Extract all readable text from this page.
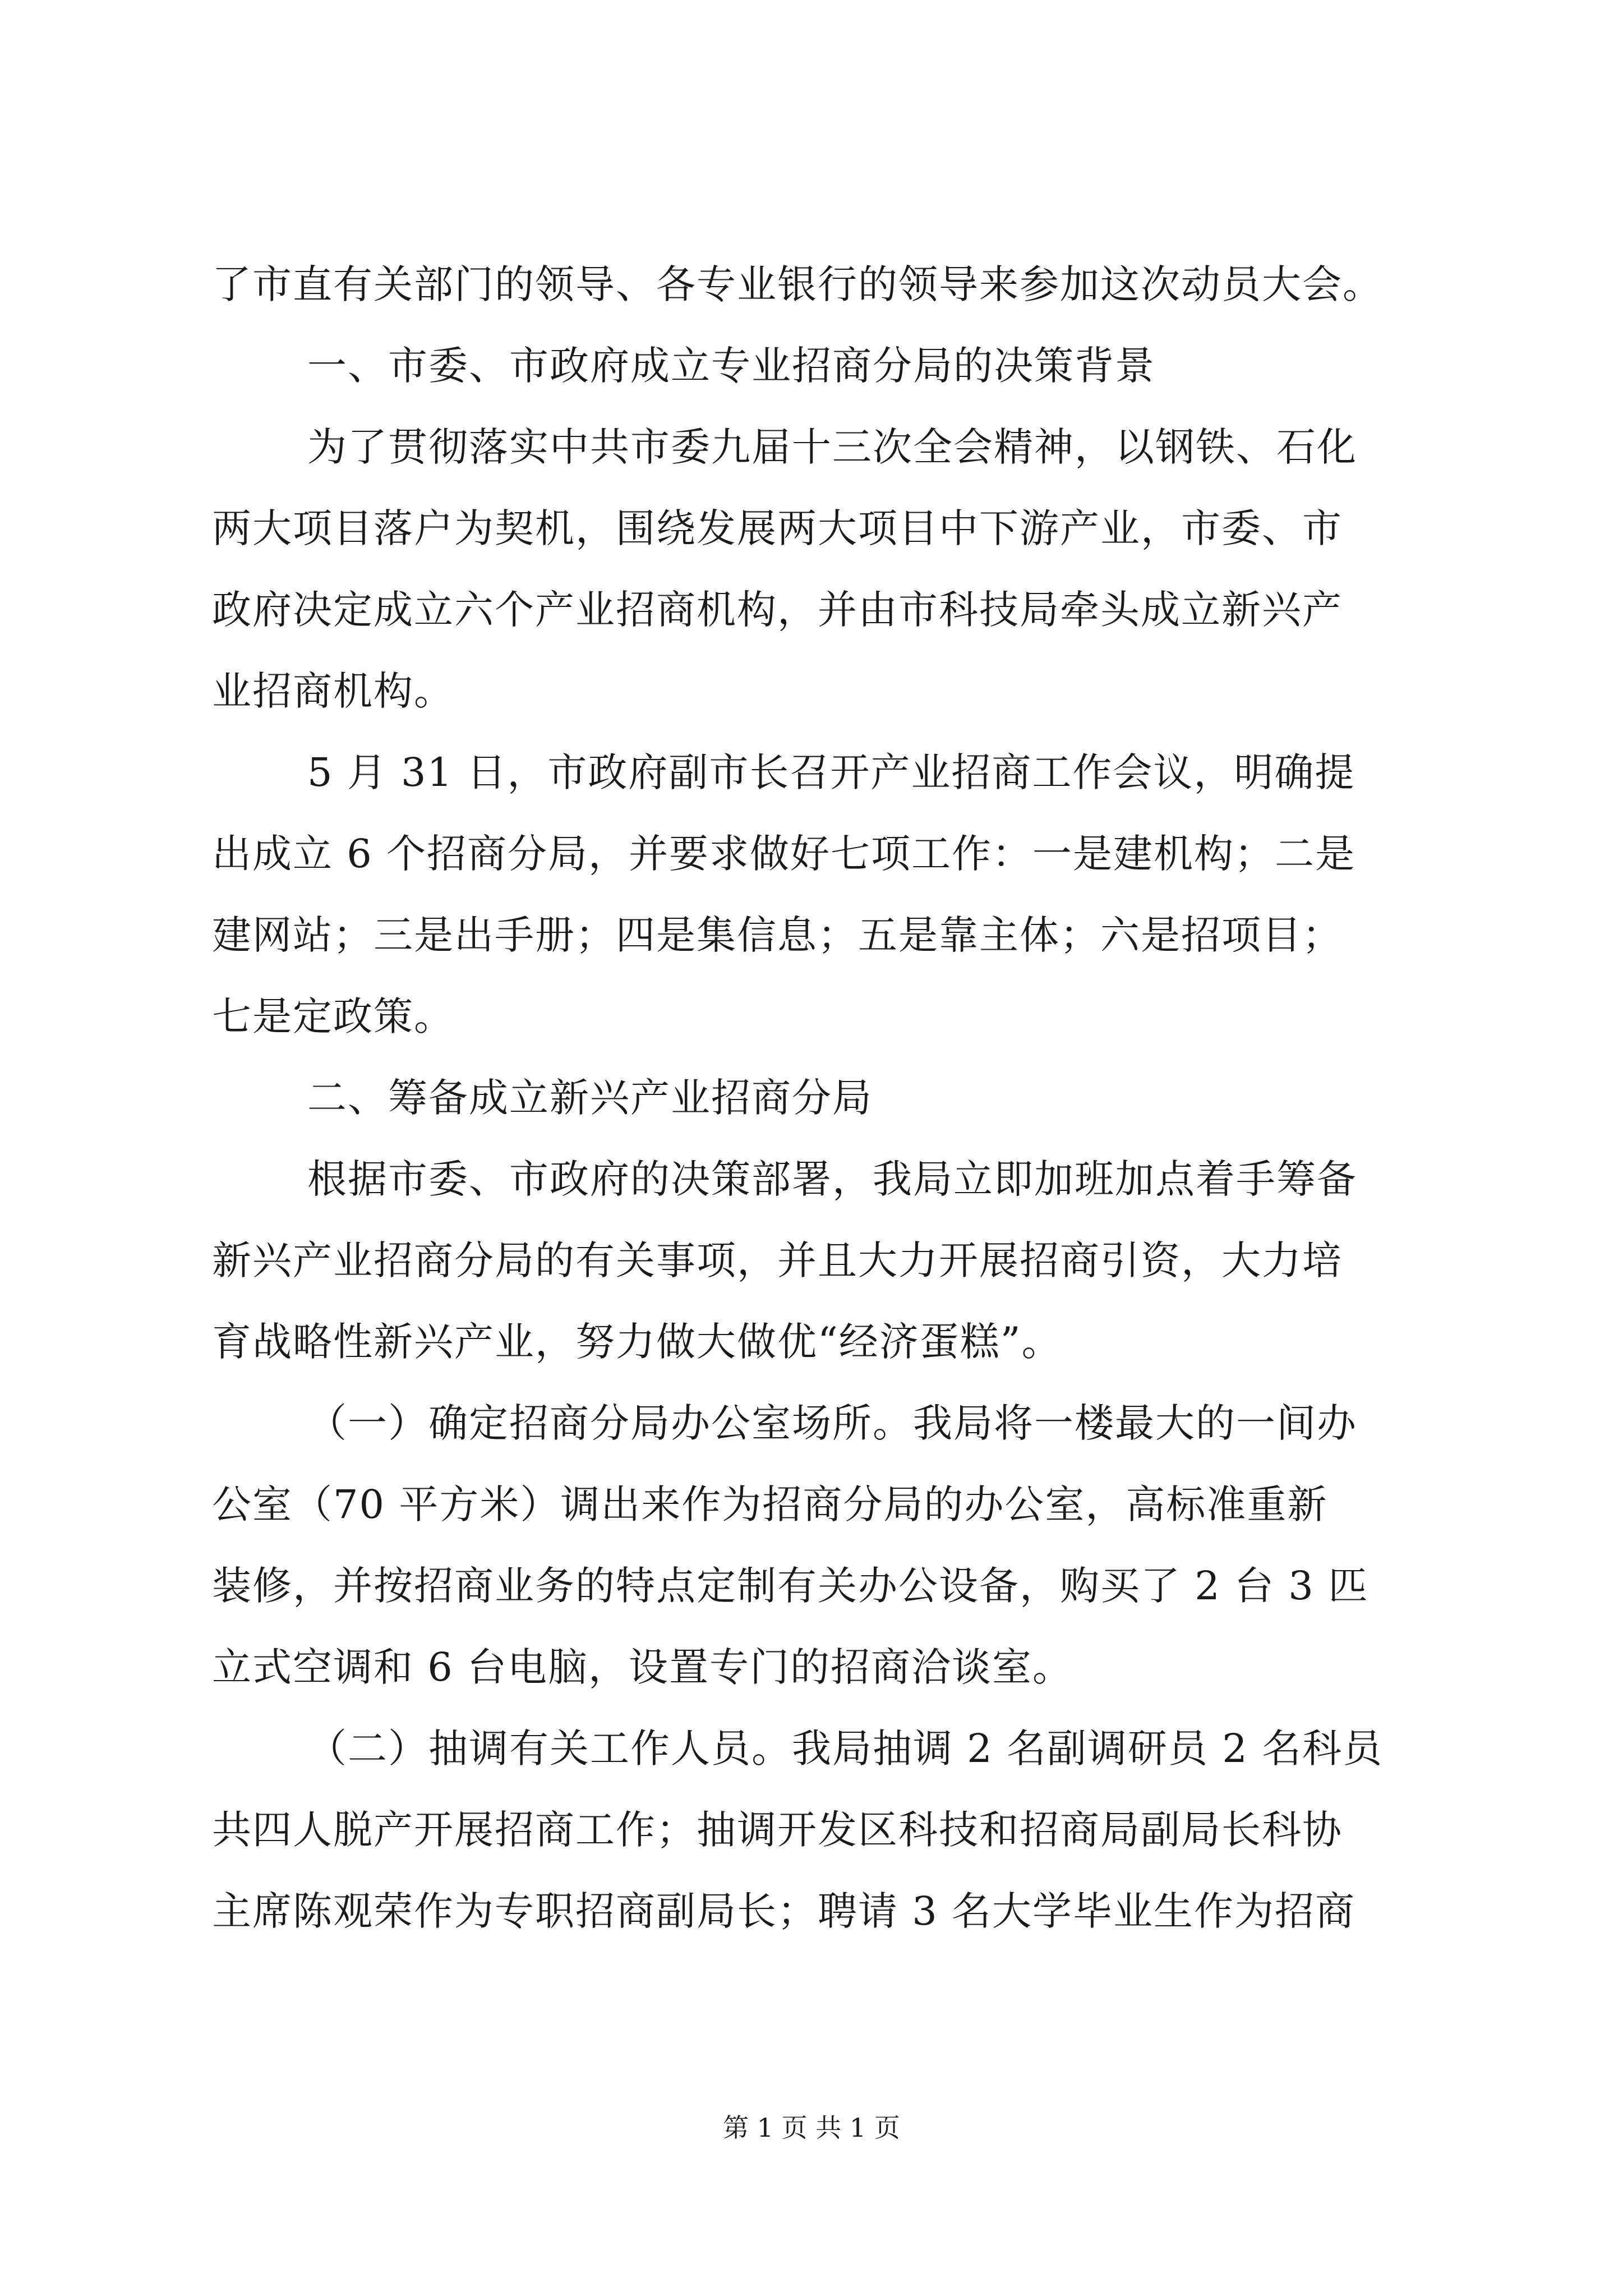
了市直有关部门的领导、各专业银行的领导来参加这次动员大会。
一、市委、市政府成立专业招商分局的决策背景
为了贯彻落实中共市委九届十三次全会精神，以钢铁、石化
两大项目落户为契机，围绕发展两大项目中下游产业，市委、市
政府决定成立六个产业招商机构，并由市科技局牵头成立新兴产
业招商机构。
5 月 31 日，市政府副市长召开产业招商工作会议，明确提
出成立 6 个招商分局，并要求做好七项工作：一是建机构；二是
建网站；三是出手册；四是集信息；五是靠主体；六是招项目；
七是定政策。
二、筹备成立新兴产业招商分局
根据市委、市政府的决策部署，我局立即加班加点着手筹备
新兴产业招商分局的有关事项，并且大力开展招商引资，大力培
育战略性新兴产业，努力做大做优“经济蛋糕”。
（一）确定招商分局办公室场所。我局将一楼最大的一间办
公室（70 平方米）调出来作为招商分局的办公室，高标准重新
装修，并按招商业务的特点定制有关办公设备，购买了 2 台 3 匹
立式空调和 6 台电脑，设置专门的招商洽谈室。
（二）抽调有关工作人员。我局抽调 2 名副调研员 2 名科员
共四人脱产开展招商工作；抽调开发区科技和招商局副局长科协
主席陈观荣作为专职招商副局长；聘请 3 名大学毕业生作为招商
第 1 页 共 1 页
